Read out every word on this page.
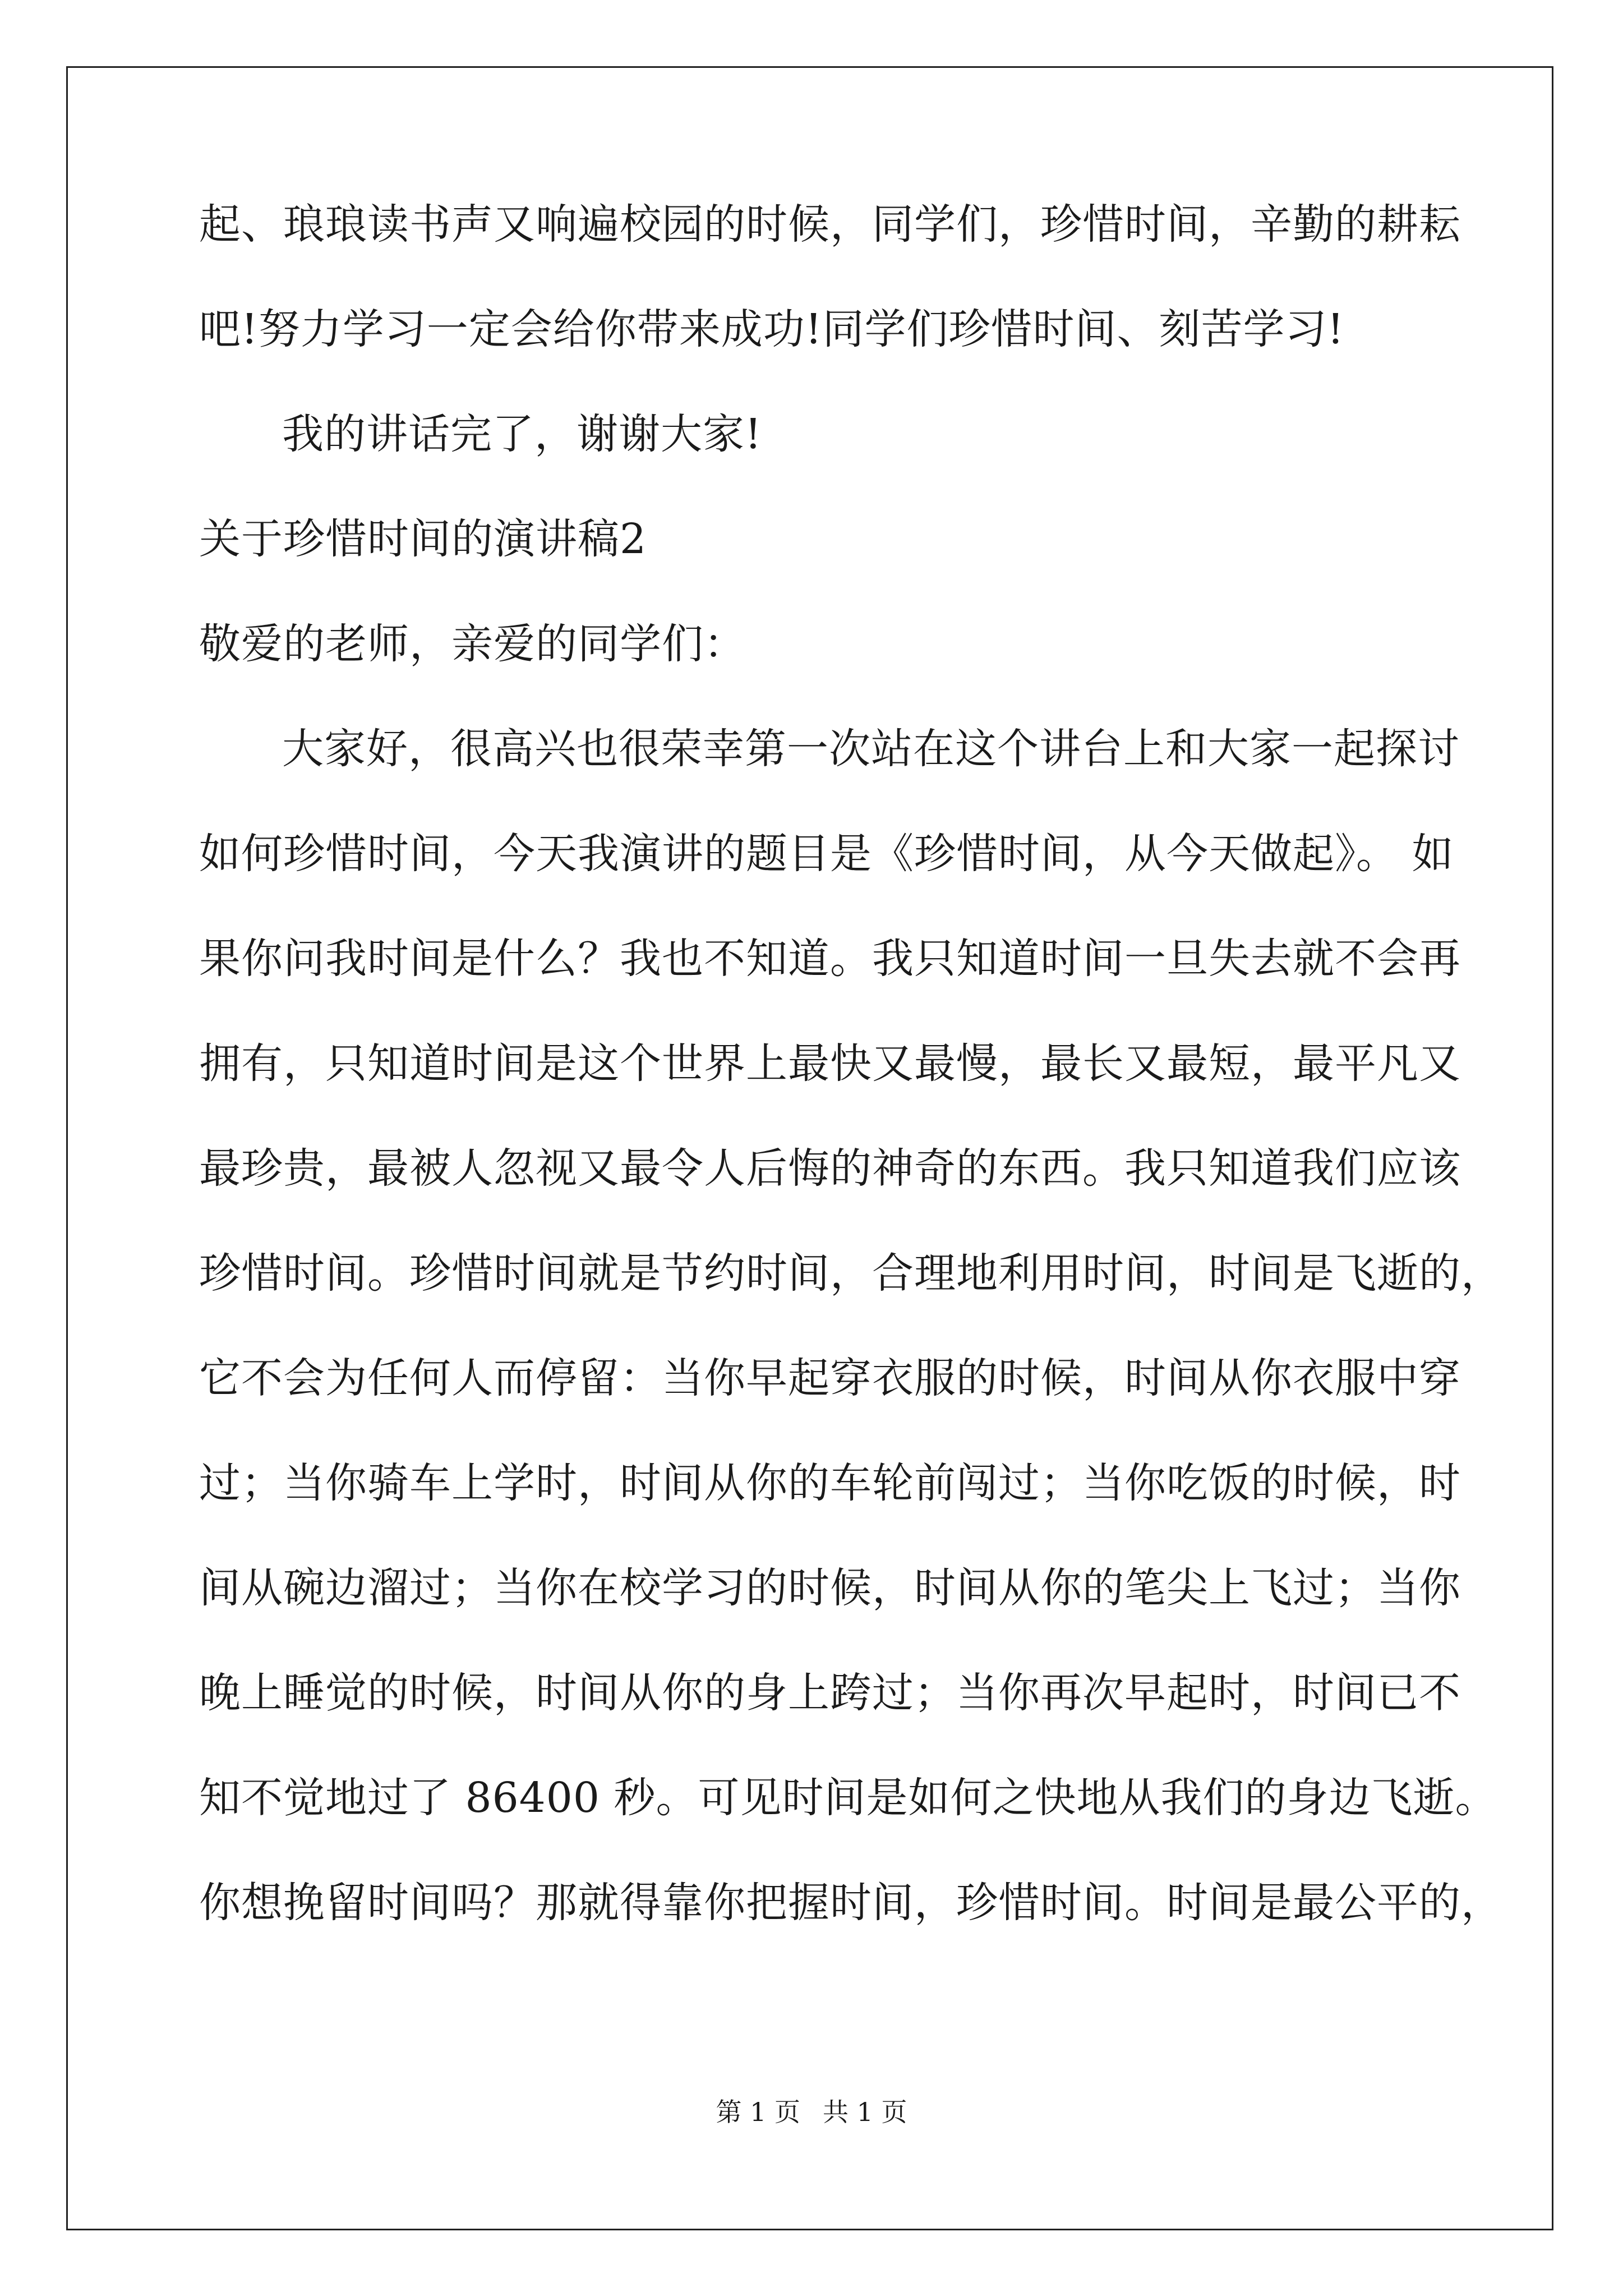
起、琅琅读书声又响遍校园的时候，同学们，珍惜时间，辛勤的耕耘
吧!努力学习一定会给你带来成功!同学们珍惜时间、刻苦学习!
我的讲话完了，谢谢大家!
关于珍惜时间的演讲稿2
敬爱的老师，亲爱的同学们：
大家好，很高兴也很荣幸第一次站在这个讲台上和大家一起探讨
如何珍惜时间，今天我演讲的题目是《珍惜时间，从今天做起》。 如
果你问我时间是什么？我也不知道。我只知道时间一旦失去就不会再
拥有，只知道时间是这个世界上最快又最慢，最长又最短，最平凡又
最珍贵，最被人忽视又最令人后悔的神奇的东西。我只知道我们应该
珍惜时间。珍惜时间就是节约时间，合理地利用时间，时间是飞逝的，
它不会为任何人而停留：当你早起穿衣服的时候，时间从你衣服中穿
过；当你骑车上学时，时间从你的车轮前闯过；当你吃饭的时候，时
间从碗边溜过；当你在校学习的时候，时间从你的笔尖上飞过；当你
晚上睡觉的时候，时间从你的身上跨过；当你再次早起时，时间已不
知不觉地过了 86400 秒。可见时间是如何之快地从我们的身边飞逝。
你想挽留时间吗？那就得靠你把握时间，珍惜时间。时间是最公平的，
第 1 页 共 1 页
